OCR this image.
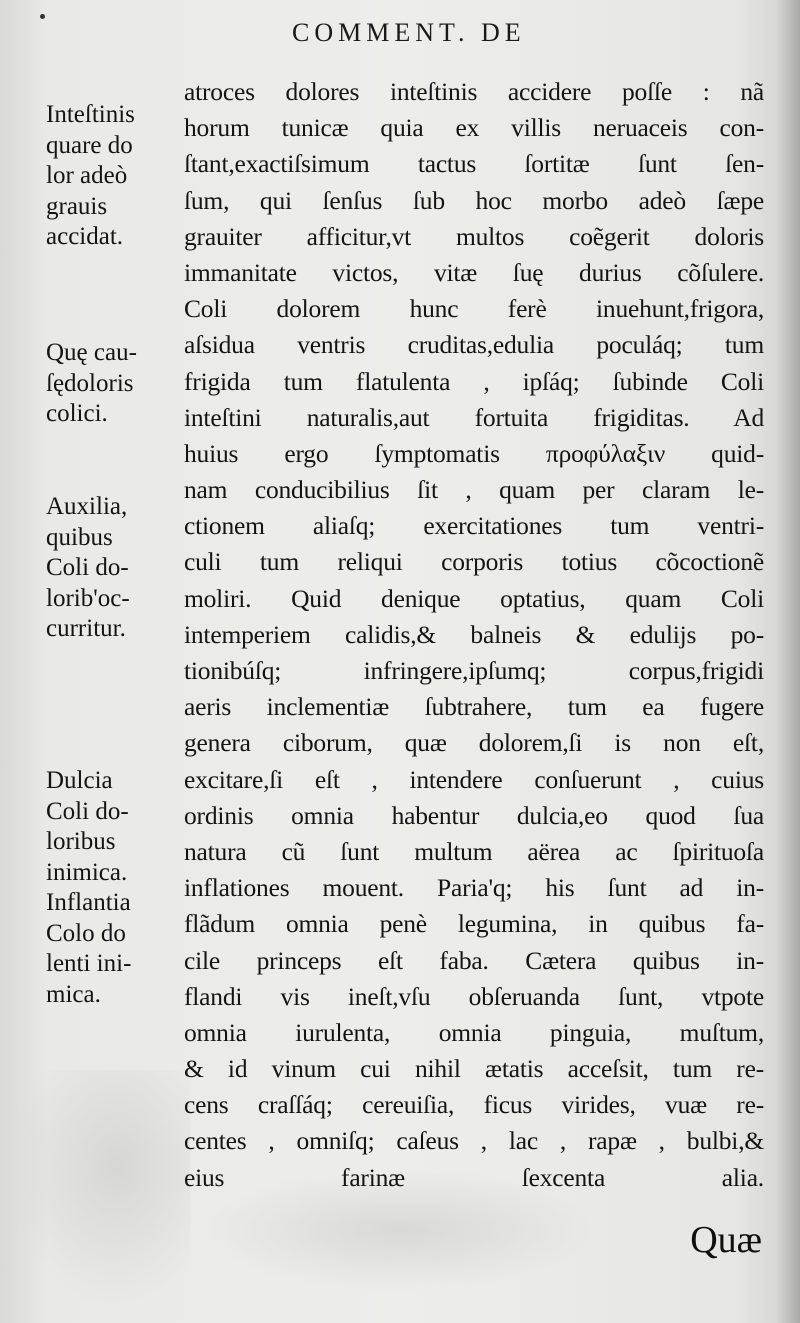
COMMENT. DE
Inteſtinis
quare do
lor adeò
grauis
accidat.
Quę cau-
ſędoloris
colici.
Auxilia,
quibus
Coli do-
lorib'oc-
curritur.
Dulcia
Coli do-
loribus
inimica.
Inflantia
Colo do
lenti ini-
mica.
atroces dolores inteſtinis accidere poſſe : nã
horum tunicæ quia ex villis neruaceis con-
ſtant,exactiſsimum tactus ſortitæ ſunt ſen-
ſum, qui ſenſus ſub hoc morbo adeò ſæpe
grauiter afficitur,vt multos coẽgerit doloris
immanitate victos, vitæ ſuę durius cõſulere.
Coli dolorem hunc ferè inuehunt,frigora,
aſsidua ventris cruditas,edulia poculáq; tum
frigida tum flatulenta , ipſáq; ſubinde Coli
inteſtini naturalis,aut fortuita frigiditas. Ad
huius ergo ſymptomatis προφύλαξιν quid-
nam conducibilius ſit , quam per claram le-
ctionem aliaſq; exercitationes tum ventri-
culi tum reliqui corporis totius cõcoctionẽ
moliri. Quid denique optatius, quam Coli
intemperiem calidis,& balneis & edulijs po-
tionibúſq; infringere,ipſumq; corpus,frigidi
aeris inclementiæ ſubtrahere, tum ea fugere
genera ciborum, quæ dolorem,ſi is non eſt,
excitare,ſi eſt , intendere conſuerunt , cuius
ordinis omnia habentur dulcia,eo quod ſua
natura cũ ſunt multum aërea ac ſpirituoſa
inflationes mouent. Paria'q; his ſunt ad in-
flãdum omnia penè legumina, in quibus fa-
cile princeps eſt faba. Cætera quibus in-
flandi vis ineſt,vſu obſeruanda ſunt, vtpote
omnia iurulenta, omnia pinguia, muſtum,
& id vinum cui nihil ætatis acceſsit, tum re-
cens craſſáq; cereuiſia, ficus virides, vuæ re-
centes , omniſq; caſeus , lac , rapæ , bulbi,&
eius farinæ ſexcenta alia.
Quæ
